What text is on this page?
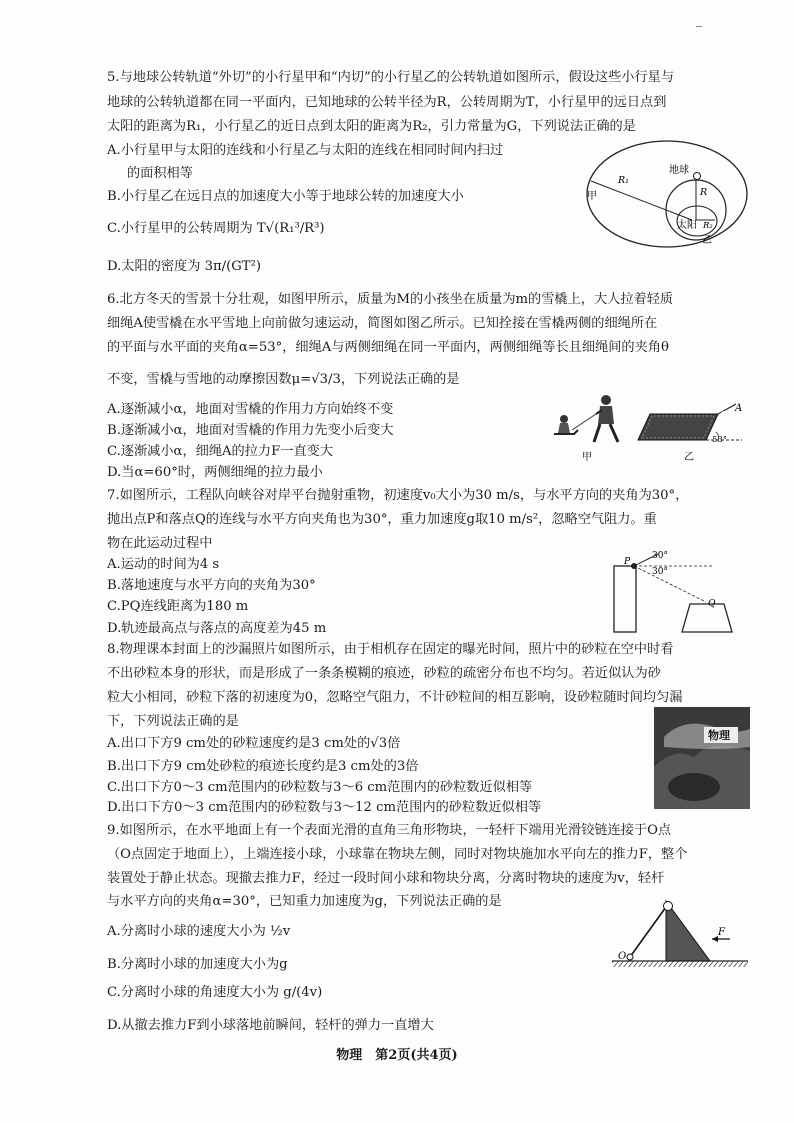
5.与地球公转轨道“外切”的小行星甲和“内切”的小行星乙的公转轨道如图所示，假设这些小行星与
地球的公转轨道都在同一平面内，已知地球的公转半径为R，公转周期为T，小行星甲的远日点到
太阳的距离为R₁，小行星乙的近日点到太阳的距离为R₂，引力常量为G，下列说法正确的是
A.小行星甲与太阳的连线和小行星乙与太阳的连线在相同时间内扫过
的面积相等
B.小行星乙在远日点的加速度大小等于地球公转的加速度大小
C.小行星甲的公转周期为 T√(R₁³/R³)
D.太阳的密度为 3π/(GT²)
地球
太阳
甲
乙
R₁
R
R₂
6.北方冬天的雪景十分壮观，如图甲所示，质量为M的小孩坐在质量为m的雪橇上，大人拉着轻质
细绳A使雪橇在水平雪地上向前做匀速运动，简图如图乙所示。已知拴接在雪橇两侧的细绳所在
的平面与水平面的夹角α=53°，细绳A与两侧细绳在同一平面内，两侧细绳等长且细绳间的夹角θ
不变，雪橇与雪地的动摩擦因数μ=√3/3，下列说法正确的是
A.逐渐减小α，地面对雪橇的作用力方向始终不变
B.逐渐减小α，地面对雪橇的作用力先变小后变大
C.逐渐减小α，细绳A的拉力F一直变大
D.当α=60°时，两侧细绳的拉力最小
甲
A
θ
53°
乙
7.如图所示，工程队向峡谷对岸平台抛射重物，初速度v₀大小为30 m/s，与水平方向的夹角为30°，
抛出点P和落点Q的连线与水平方向夹角也为30°，重力加速度g取10 m/s²，忽略空气阻力。重
物在此运动过程中
A.运动的时间为4 s
B.落地速度与水平方向的夹角为30°
C.PQ连线距离为180 m
D.轨迹最高点与落点的高度差为45 m
P
Q
30°
30°
8.物理课本封面上的沙漏照片如图所示，由于相机存在固定的曝光时间，照片中的砂粒在空中时看
不出砂粒本身的形状，而是形成了一条条模糊的痕迹，砂粒的疏密分布也不均匀。若近似认为砂
粒大小相同，砂粒下落的初速度为0，忽略空气阻力，不计砂粒间的相互影响，设砂粒随时间均匀漏
下，下列说法正确的是
A.出口下方9 cm处的砂粒速度约是3 cm处的√3倍
B.出口下方9 cm处砂粒的痕迹长度约是3 cm处的3倍
C.出口下方0～3 cm范围内的砂粒数与3～6 cm范围内的砂粒数近似相等
D.出口下方0～3 cm范围内的砂粒数与3～12 cm范围内的砂粒数近似相等
物理
9.如图所示，在水平地面上有一个表面光滑的直角三角形物块，一轻杆下端用光滑铰链连接于O点
（O点固定于地面上），上端连接小球，小球靠在物块左侧，同时对物块施加水平向左的推力F，整个
装置处于静止状态。现撤去推力F，经过一段时间小球和物块分离，分离时物块的速度为v，轻杆
与水平方向的夹角α=30°，已知重力加速度为g，下列说法正确的是
A.分离时小球的速度大小为 ½v
B.分离时小球的加速度大小为g
C.分离时小球的角速度大小为 g/(4v)
D.从撤去推力F到小球落地前瞬间，轻杆的弹力一直增大
O
F
物理　第2页(共4页)
